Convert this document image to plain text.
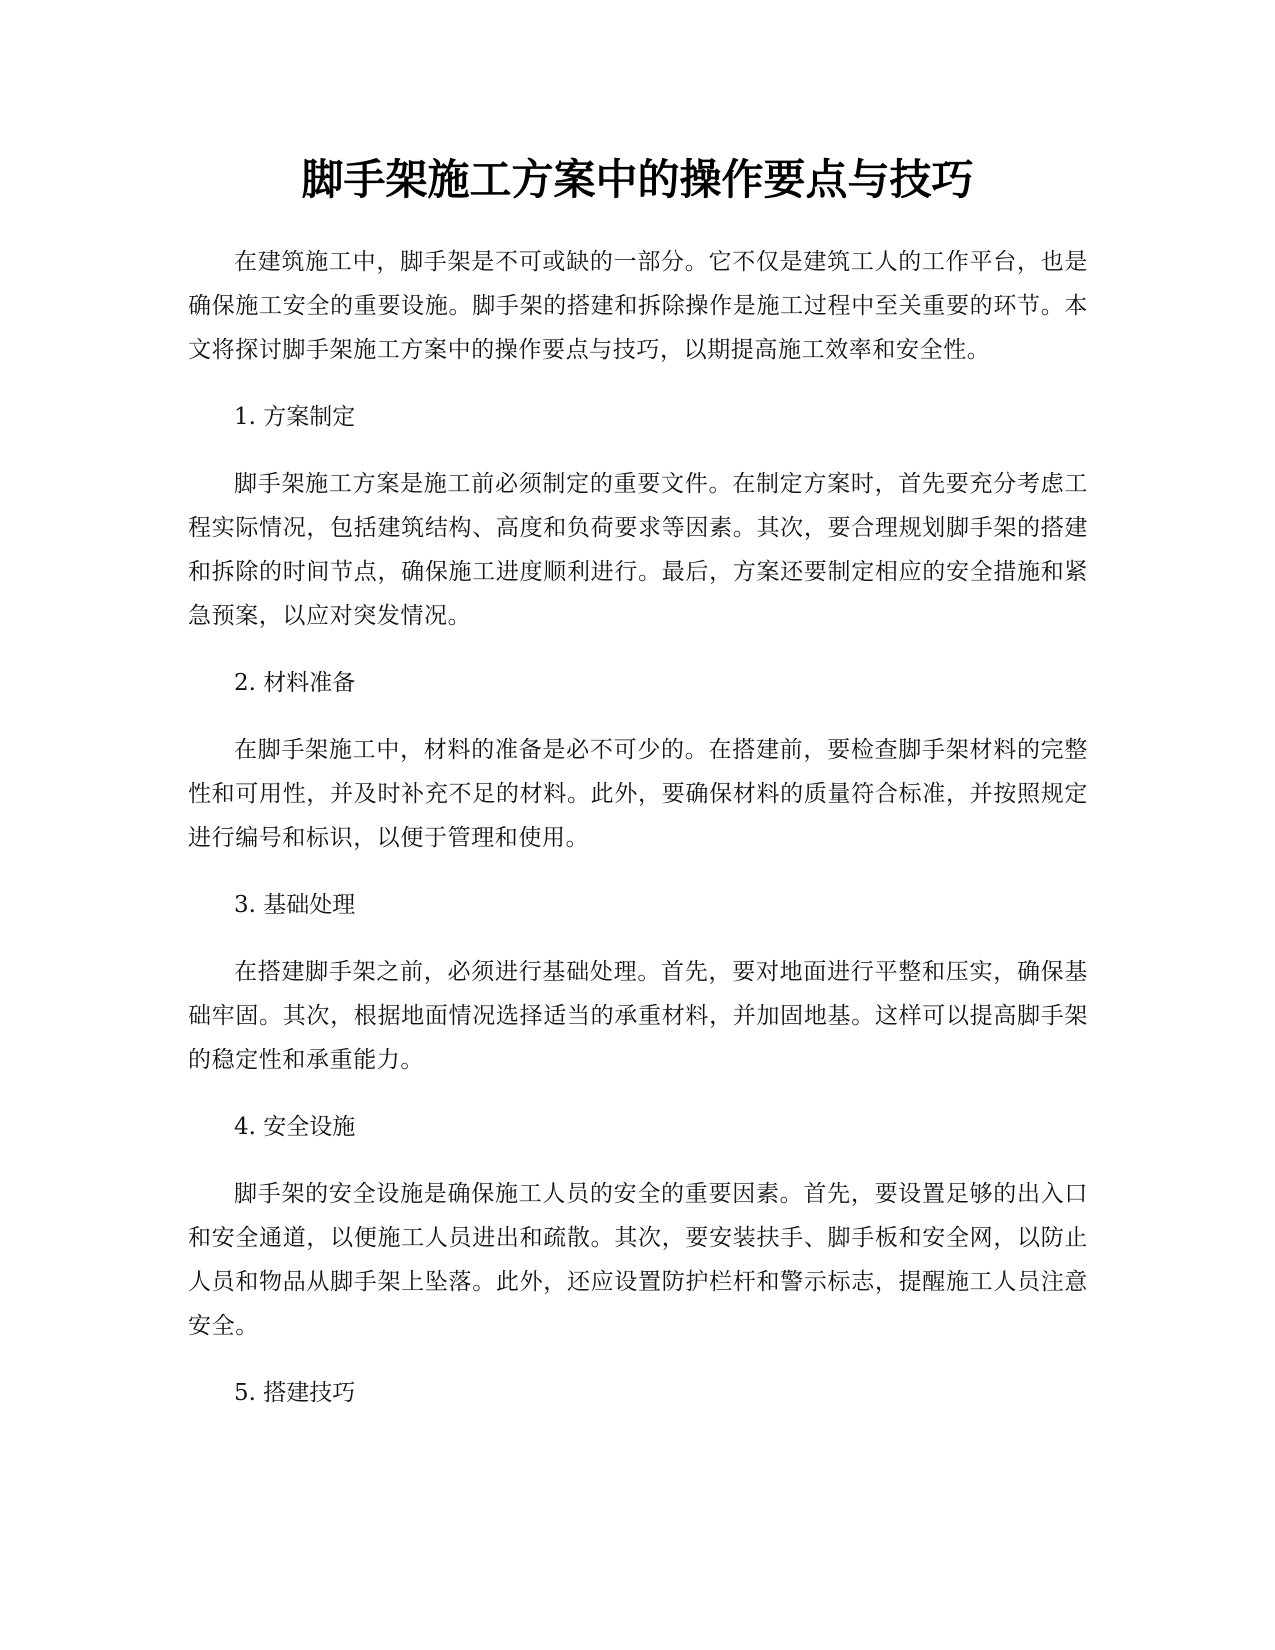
脚手架施工方案中的操作要点与技巧

在建筑施工中，脚手架是不可或缺的一部分。它不仅是建筑工人的工作平台，也是确保施工安全的重要设施。脚手架的搭建和拆除操作是施工过程中至关重要的环节。本文将探讨脚手架施工方案中的操作要点与技巧，以期提高施工效率和安全性。

1. 方案制定

脚手架施工方案是施工前必须制定的重要文件。在制定方案时，首先要充分考虑工程实际情况，包括建筑结构、高度和负荷要求等因素。其次，要合理规划脚手架的搭建和拆除的时间节点，确保施工进度顺利进行。最后，方案还要制定相应的安全措施和紧急预案，以应对突发情况。

2. 材料准备

在脚手架施工中，材料的准备是必不可少的。在搭建前，要检查脚手架材料的完整性和可用性，并及时补充不足的材料。此外，要确保材料的质量符合标准，并按照规定进行编号和标识，以便于管理和使用。

3. 基础处理

在搭建脚手架之前，必须进行基础处理。首先，要对地面进行平整和压实，确保基础牢固。其次，根据地面情况选择适当的承重材料，并加固地基。这样可以提高脚手架的稳定性和承重能力。

4. 安全设施

脚手架的安全设施是确保施工人员的安全的重要因素。首先，要设置足够的出入口和安全通道，以便施工人员进出和疏散。其次，要安装扶手、脚手板和安全网，以防止人员和物品从脚手架上坠落。此外，还应设置防护栏杆和警示标志，提醒施工人员注意安全。

5. 搭建技巧
